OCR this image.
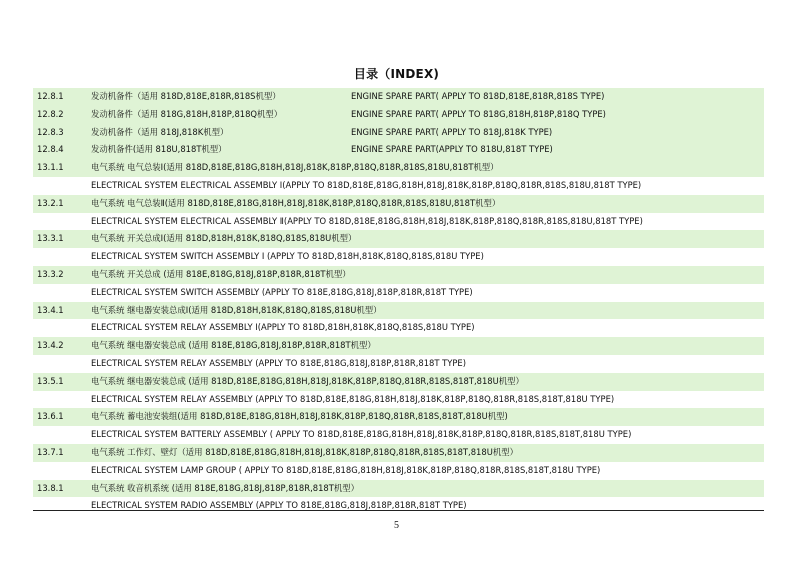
目录（INDEX)
12.8.1	发动机备件（适用 818D,818E,818R,818S机型）	ENGINE SPARE PART( APPLY TO 818D,818E,818R,818S TYPE)
12.8.2	发动机备件（适用 818G,818H,818P,818Q机型）	ENGINE SPARE PART( APPLY TO 818G,818H,818P,818Q TYPE)
12.8.3	发动机备件（适用 818J,818K机型）	ENGINE SPARE PART( APPLY TO 818J,818K TYPE)
12.8.4	发动机备件(适用 818U,818T机型）	ENGINE SPARE PART(APPLY TO 818U,818T TYPE)
13.1.1	电气系统 电气总装Ⅰ(适用 818D,818E,818G,818H,818J,818K,818P,818Q,818R,818S,818U,818T机型）
ELECTRICAL SYSTEM ELECTRICAL ASSEMBLY Ⅰ(APPLY TO 818D,818E,818G,818H,818J,818K,818P,818Q,818R,818S,818U,818T TYPE)
13.2.1	电气系统 电气总装Ⅱ(适用 818D,818E,818G,818H,818J,818K,818P,818Q,818R,818S,818U,818T机型）
ELECTRICAL SYSTEM ELECTRICAL ASSEMBLY Ⅱ(APPLY TO 818D,818E,818G,818H,818J,818K,818P,818Q,818R,818S,818U,818T TYPE)
13.3.1	电气系统 开关总成Ⅰ(适用 818D,818H,818K,818Q,818S,818U机型）
ELECTRICAL SYSTEM SWITCH ASSEMBLY Ⅰ (APPLY TO 818D,818H,818K,818Q,818S,818U TYPE)
13.3.2	电气系统 开关总成 (适用 818E,818G,818J,818P,818R,818T机型）
ELECTRICAL SYSTEM SWITCH ASSEMBLY (APPLY TO 818E,818G,818J,818P,818R,818T TYPE)
13.4.1	电气系统 继电器安装总成Ⅰ(适用 818D,818H,818K,818Q,818S,818U机型）
ELECTRICAL SYSTEM RELAY ASSEMBLY Ⅰ(APPLY TO 818D,818H,818K,818Q,818S,818U TYPE)
13.4.2	电气系统 继电器安装总成 (适用 818E,818G,818J,818P,818R,818T机型）
ELECTRICAL SYSTEM RELAY ASSEMBLY (APPLY TO 818E,818G,818J,818P,818R,818T TYPE)
13.5.1	电气系统 继电器安装总成 (适用 818D,818E,818G,818H,818J,818K,818P,818Q,818R,818S,818T,818U机型）
ELECTRICAL SYSTEM RELAY ASSEMBLY (APPLY TO 818D,818E,818G,818H,818J,818K,818P,818Q,818R,818S,818T,818U TYPE)
13.6.1	电气系统 蓄电池安装组(适用 818D,818E,818G,818H,818J,818K,818P,818Q,818R,818S,818T,818U机型)
ELECTRICAL SYSTEM BATTERLY ASSEMBLY ( APPLY TO 818D,818E,818G,818H,818J,818K,818P,818Q,818R,818S,818T,818U TYPE)
13.7.1	电气系统 工作灯、壁灯（适用 818D,818E,818G,818H,818J,818K,818P,818Q,818R,818S,818T,818U机型）
ELECTRICAL SYSTEM LAMP GROUP ( APPLY TO 818D,818E,818G,818H,818J,818K,818P,818Q,818R,818S,818T,818U TYPE)
13.8.1	电气系统 收音机系统 (适用 818E,818G,818J,818P,818R,818T机型）
ELECTRICAL SYSTEM RADIO ASSEMBLY (APPLY TO 818E,818G,818J,818P,818R,818T TYPE)
5
